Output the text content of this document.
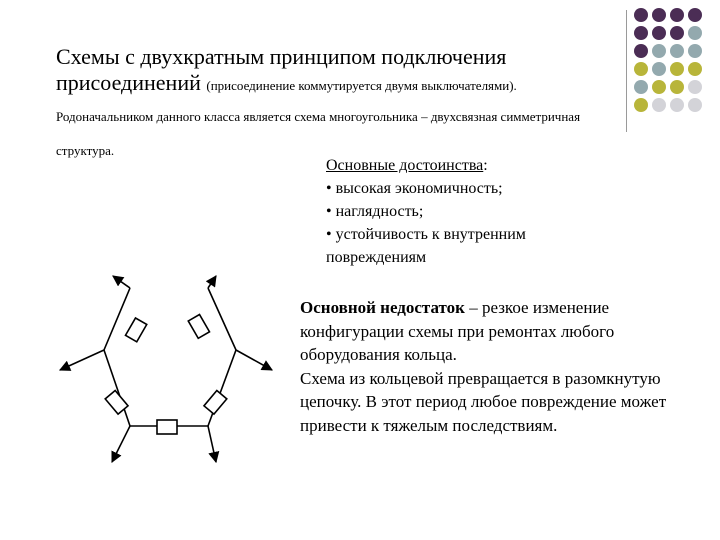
Схемы с двухкратным принципом подключения присоединений (присоединение коммутируется двумя выключателями).
Родоначальником данного класса является схема многоугольника – двухсвязная симметричная структура.
Основные достоинства:
• высокая экономичность;
• наглядность;
• устойчивость к внутренним повреждениям
Основной недостаток – резкое изменение конфигурации схемы при ремонтах любого оборудования кольца.
Схема из кольцевой превращается в разомкнутую цепочку. В этот период любое повреждение может привести к тяжелым последствиям.
